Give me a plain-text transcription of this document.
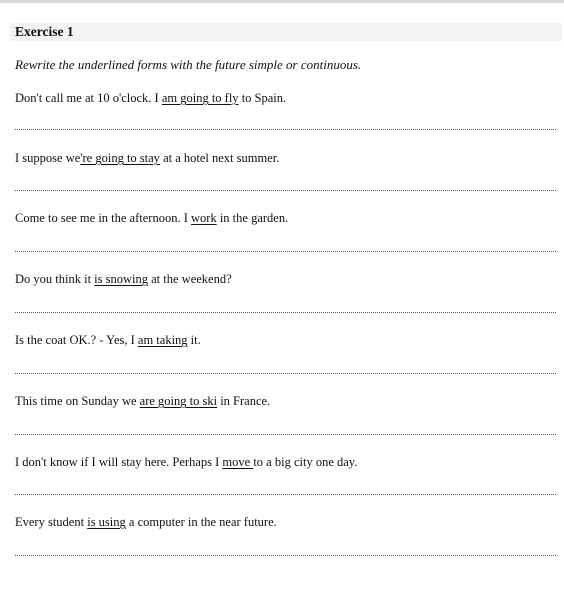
Exercise 1
Rewrite the underlined forms with the future simple or continuous.
Don't call me at 10 o'clock. I am going to fly to Spain.
I suppose we're going to stay at a hotel next summer.
Come to see me in the afternoon. I work in the garden.
Do you think it is snowing at the weekend?
Is the coat OK.? - Yes, I am taking it.
This time on Sunday we are going to ski in France.
I don't know if I will stay here. Perhaps I move to a big city one day.
Every student is using a computer in the near future.
